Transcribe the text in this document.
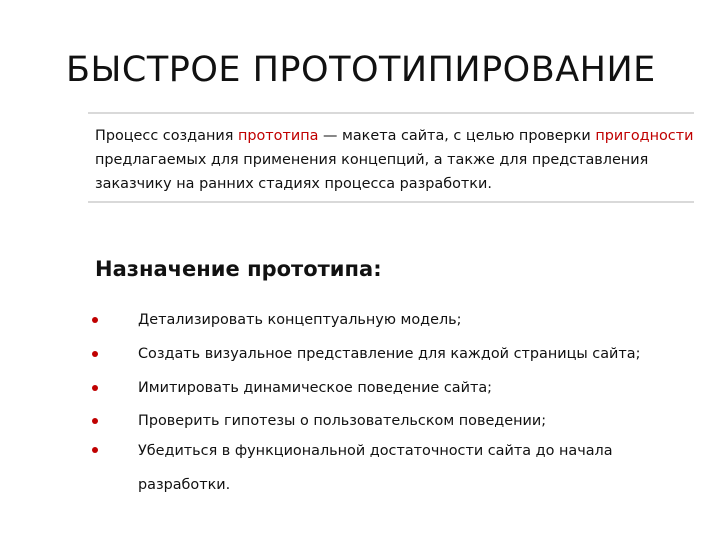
БЫСТРОЕ ПРОТОТИПИРОВАНИЕ

Процесс создания прототипа — макета сайта, с целью проверки пригодности предлагаемых для применения концепций, а также для представления заказчику на ранних стадиях процесса разработки.

Назначение прототипа:
Детализировать концептуальную модель;
Создать визуальное представление для каждой страницы сайта;
Имитировать динамическое поведение сайта;
Проверить гипотезы о пользовательском поведении;
Убедиться в функциональной достаточности сайта до начала разработки.
